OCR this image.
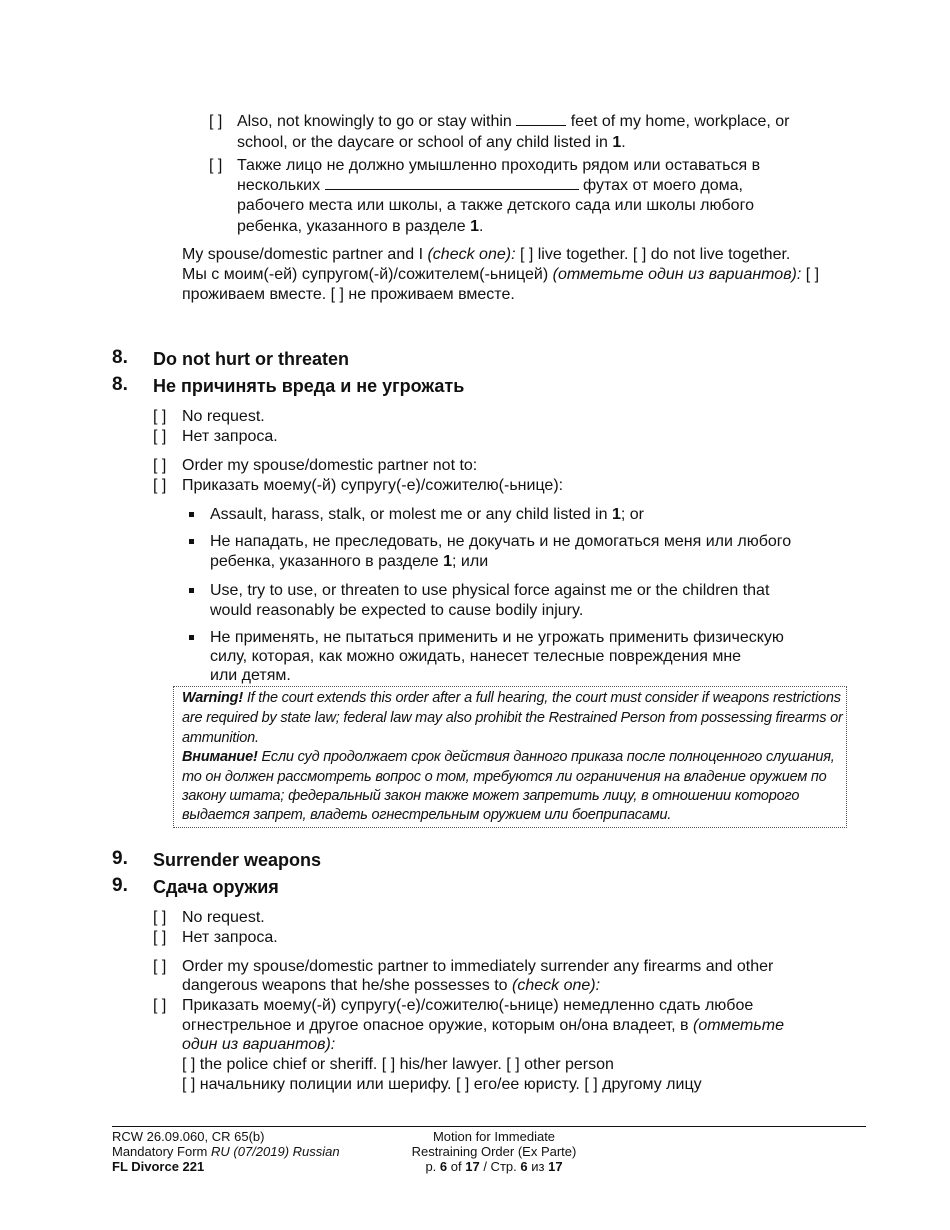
[ ] Also, not knowingly to go or stay within	feet of my home, workplace, or
school, or the daycare or school of any child listed in 1.
[ ] Также лицо не должно умышленно проходить рядом или оставаться в
нескольких	футах от моего дома,
рабочего места или школы, а также детского сада или школы любого
ребенка, указанного в разделе 1.
My spouse/domestic partner and I (check one): [ ] live together. [ ] do not live together.
Мы с моим(-ей) супругом(-й)/сожителем(-ьницей) (отметьте один из вариантов): [ ]
проживаем вместе. [ ] не проживаем вместе.
8. Do not hurt or threaten
8. Не причинять вреда и не угрожать
[ ] No request.
[ ] Нет запроса.
[ ] Order my spouse/domestic partner not to:
[ ] Приказать моему(-й) супругу(-е)/сожителю(-ьнице):
Assault, harass, stalk, or molest me or any child listed in 1; or
Не нападать, не преследовать, не докучать и не домогаться меня или любого
ребенка, указанного в разделе 1; или
Use, try to use, or threaten to use physical force against me or the children that
would reasonably be expected to cause bodily injury.
Не применять, не пытаться применить и не угрожать применить физическую
силу, которая, как можно ожидать, нанесет телесные повреждения мне
или детям.
Warning! If the court extends this order after a full hearing, the court must consider if weapons restrictions
are required by state law; federal law may also prohibit the Restrained Person from possessing firearms or
ammunition.
Внимание! Если суд продолжает срок действия данного приказа после полноценного слушания,
то он должен рассмотреть вопрос о том, требуются ли ограничения на владение оружием по
закону штата; федеральный закон также может запретить лицу, в отношении которого
выдается запрет, владеть огнестрельным оружием или боеприпасами.
9. Surrender weapons
9. Сдача оружия
[ ] No request.
[ ] Нет запроса.
[ ] Order my spouse/domestic partner to immediately surrender any firearms and other
dangerous weapons that he/she possesses to (check one):
[ ] Приказать моему(-й) супругу(-е)/сожителю(-ьнице) немедленно сдать любое
огнестрельное и другое опасное оружие, которым он/она владеет, в (отметьте
один из вариантов):
[ ] the police chief or sheriff. [ ] his/her lawyer. [ ] other person
[ ] начальнику полиции или шерифу. [ ] его/ее юристу. [ ] другому лицу
RCW 26.09.060, CR 65(b)
Mandatory Form RU (07/2019) Russian
FL Divorce 221
Motion for Immediate
Restraining Order (Ex Parte)
p. 6 of 17 / Стр. 6 из 17
